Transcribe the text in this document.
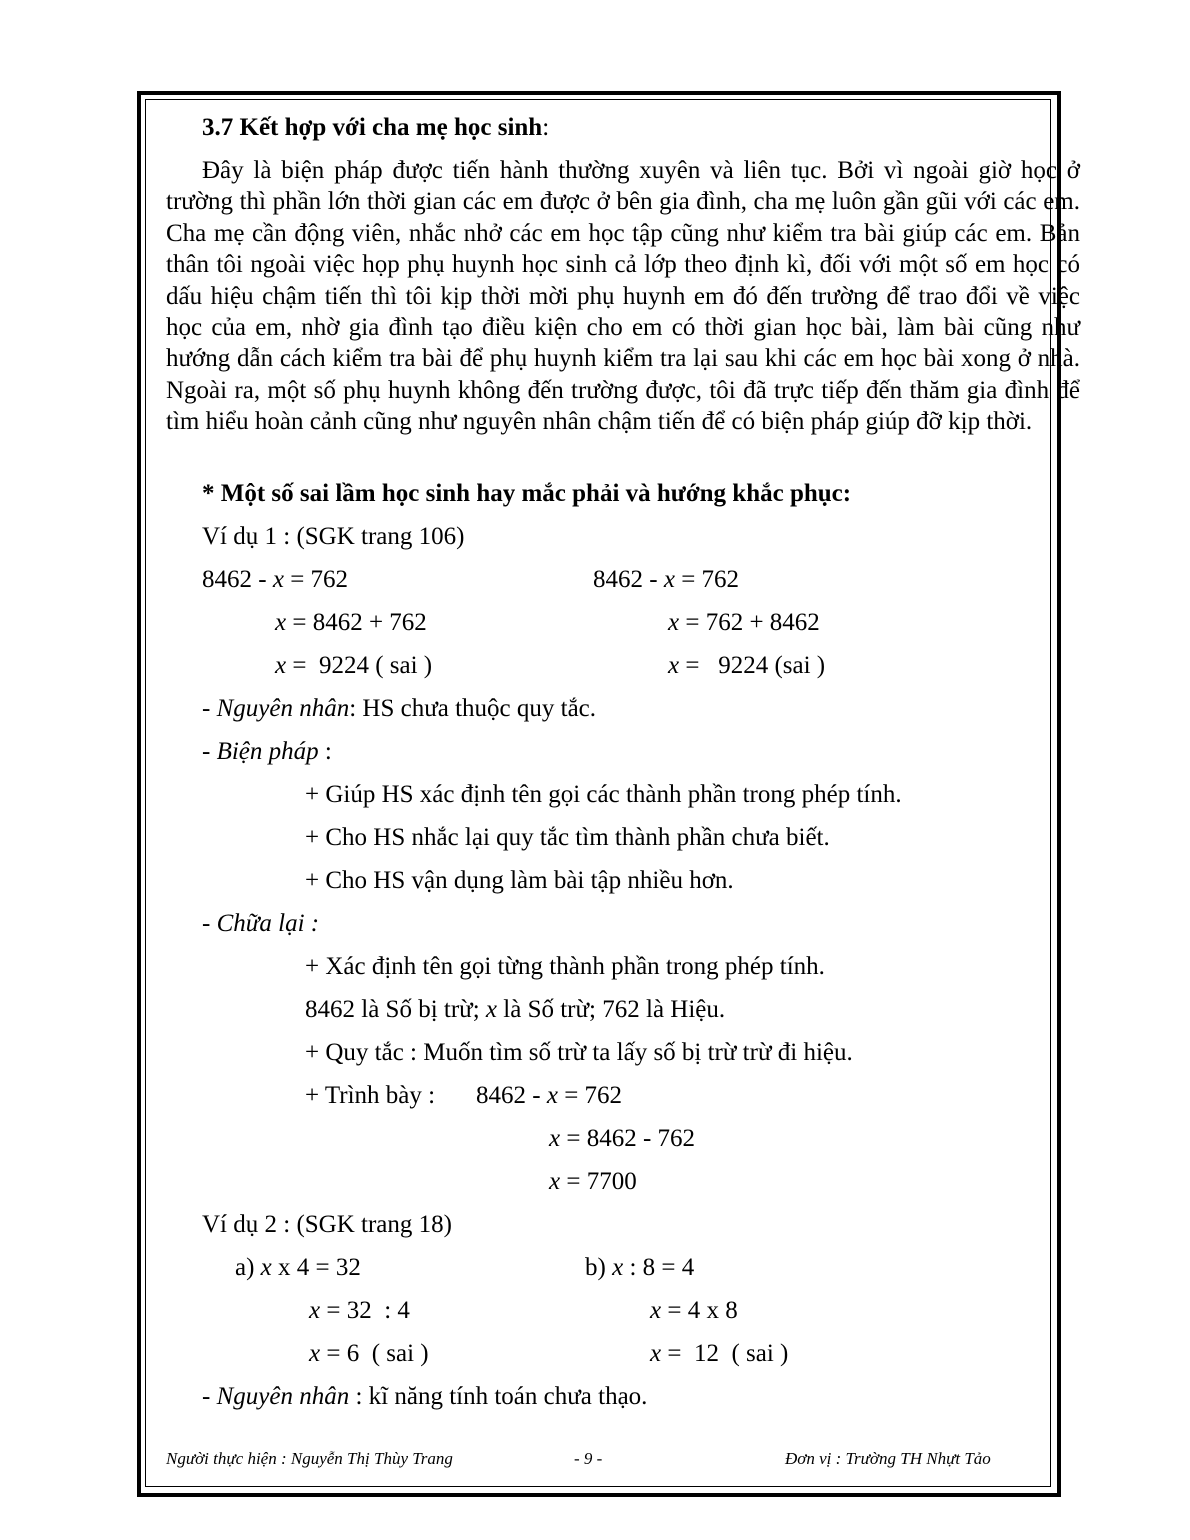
3.7 Kết hợp với cha mẹ học sinh:
Đây là biện pháp được tiến hành thường xuyên và liên tục. Bởi vì ngoài giờ học ở trường thì phần lớn thời gian các em được ở bên gia đình, cha mẹ luôn gần gũi với các em. Cha mẹ cần động viên, nhắc nhở các em học tập cũng như kiểm tra bài giúp các em. Bản thân tôi ngoài việc họp phụ huynh học sinh cả lớp theo định kì, đối với một số em học có dấu hiệu chậm tiến thì tôi kịp thời mời phụ huynh em đó đến trường để trao đổi về việc học của em, nhờ gia đình tạo điều kiện cho em có thời gian học bài, làm bài cũng như hướng dẫn cách kiểm tra bài để phụ huynh kiểm tra lại sau khi các em học bài xong ở nhà. Ngoài ra, một số phụ huynh không đến trường được, tôi đã trực tiếp đến thăm gia đình để tìm hiểu hoàn cảnh cũng như nguyên nhân chậm tiến để có biện pháp giúp đỡ kịp thời.
* Một số sai lầm học sinh hay mắc phải và hướng khắc phục:
Ví dụ 1 : (SGK trang 106)
8462 - x = 762
x = 8462 + 762
x =  9224 ( sai )
8462 - x = 762
x = 762 + 8462
x =   9224 (sai )
- Nguyên nhân: HS chưa thuộc quy tắc.
- Biện pháp :
+ Giúp HS xác định tên gọi các thành phần trong phép tính.
+ Cho HS nhắc lại quy tắc tìm thành phần chưa biết.
+ Cho HS vận dụng làm bài tập nhiều hơn.
- Chữa lại :
+ Xác định tên gọi từng thành phần trong phép tính.
8462 là Số bị trừ; x là Số trừ; 762 là Hiệu.
+ Quy tắc : Muốn tìm số trừ ta lấy số bị trừ trừ đi hiệu.
+ Trình bày : 8462 - x = 762
x = 8462 - 762
x = 7700
Ví dụ 2 : (SGK trang 18)
a) x x 4 = 32
x = 32  : 4
x = 6  ( sai )
b) x : 8 = 4
x = 4 x 8
x =  12  ( sai )
- Nguyên nhân : kĩ năng tính toán chưa thạo.
Người thực hiện : Nguyễn Thị Thùy Trang	- 9 -	Đơn vị : Trường TH Nhựt Tảo
